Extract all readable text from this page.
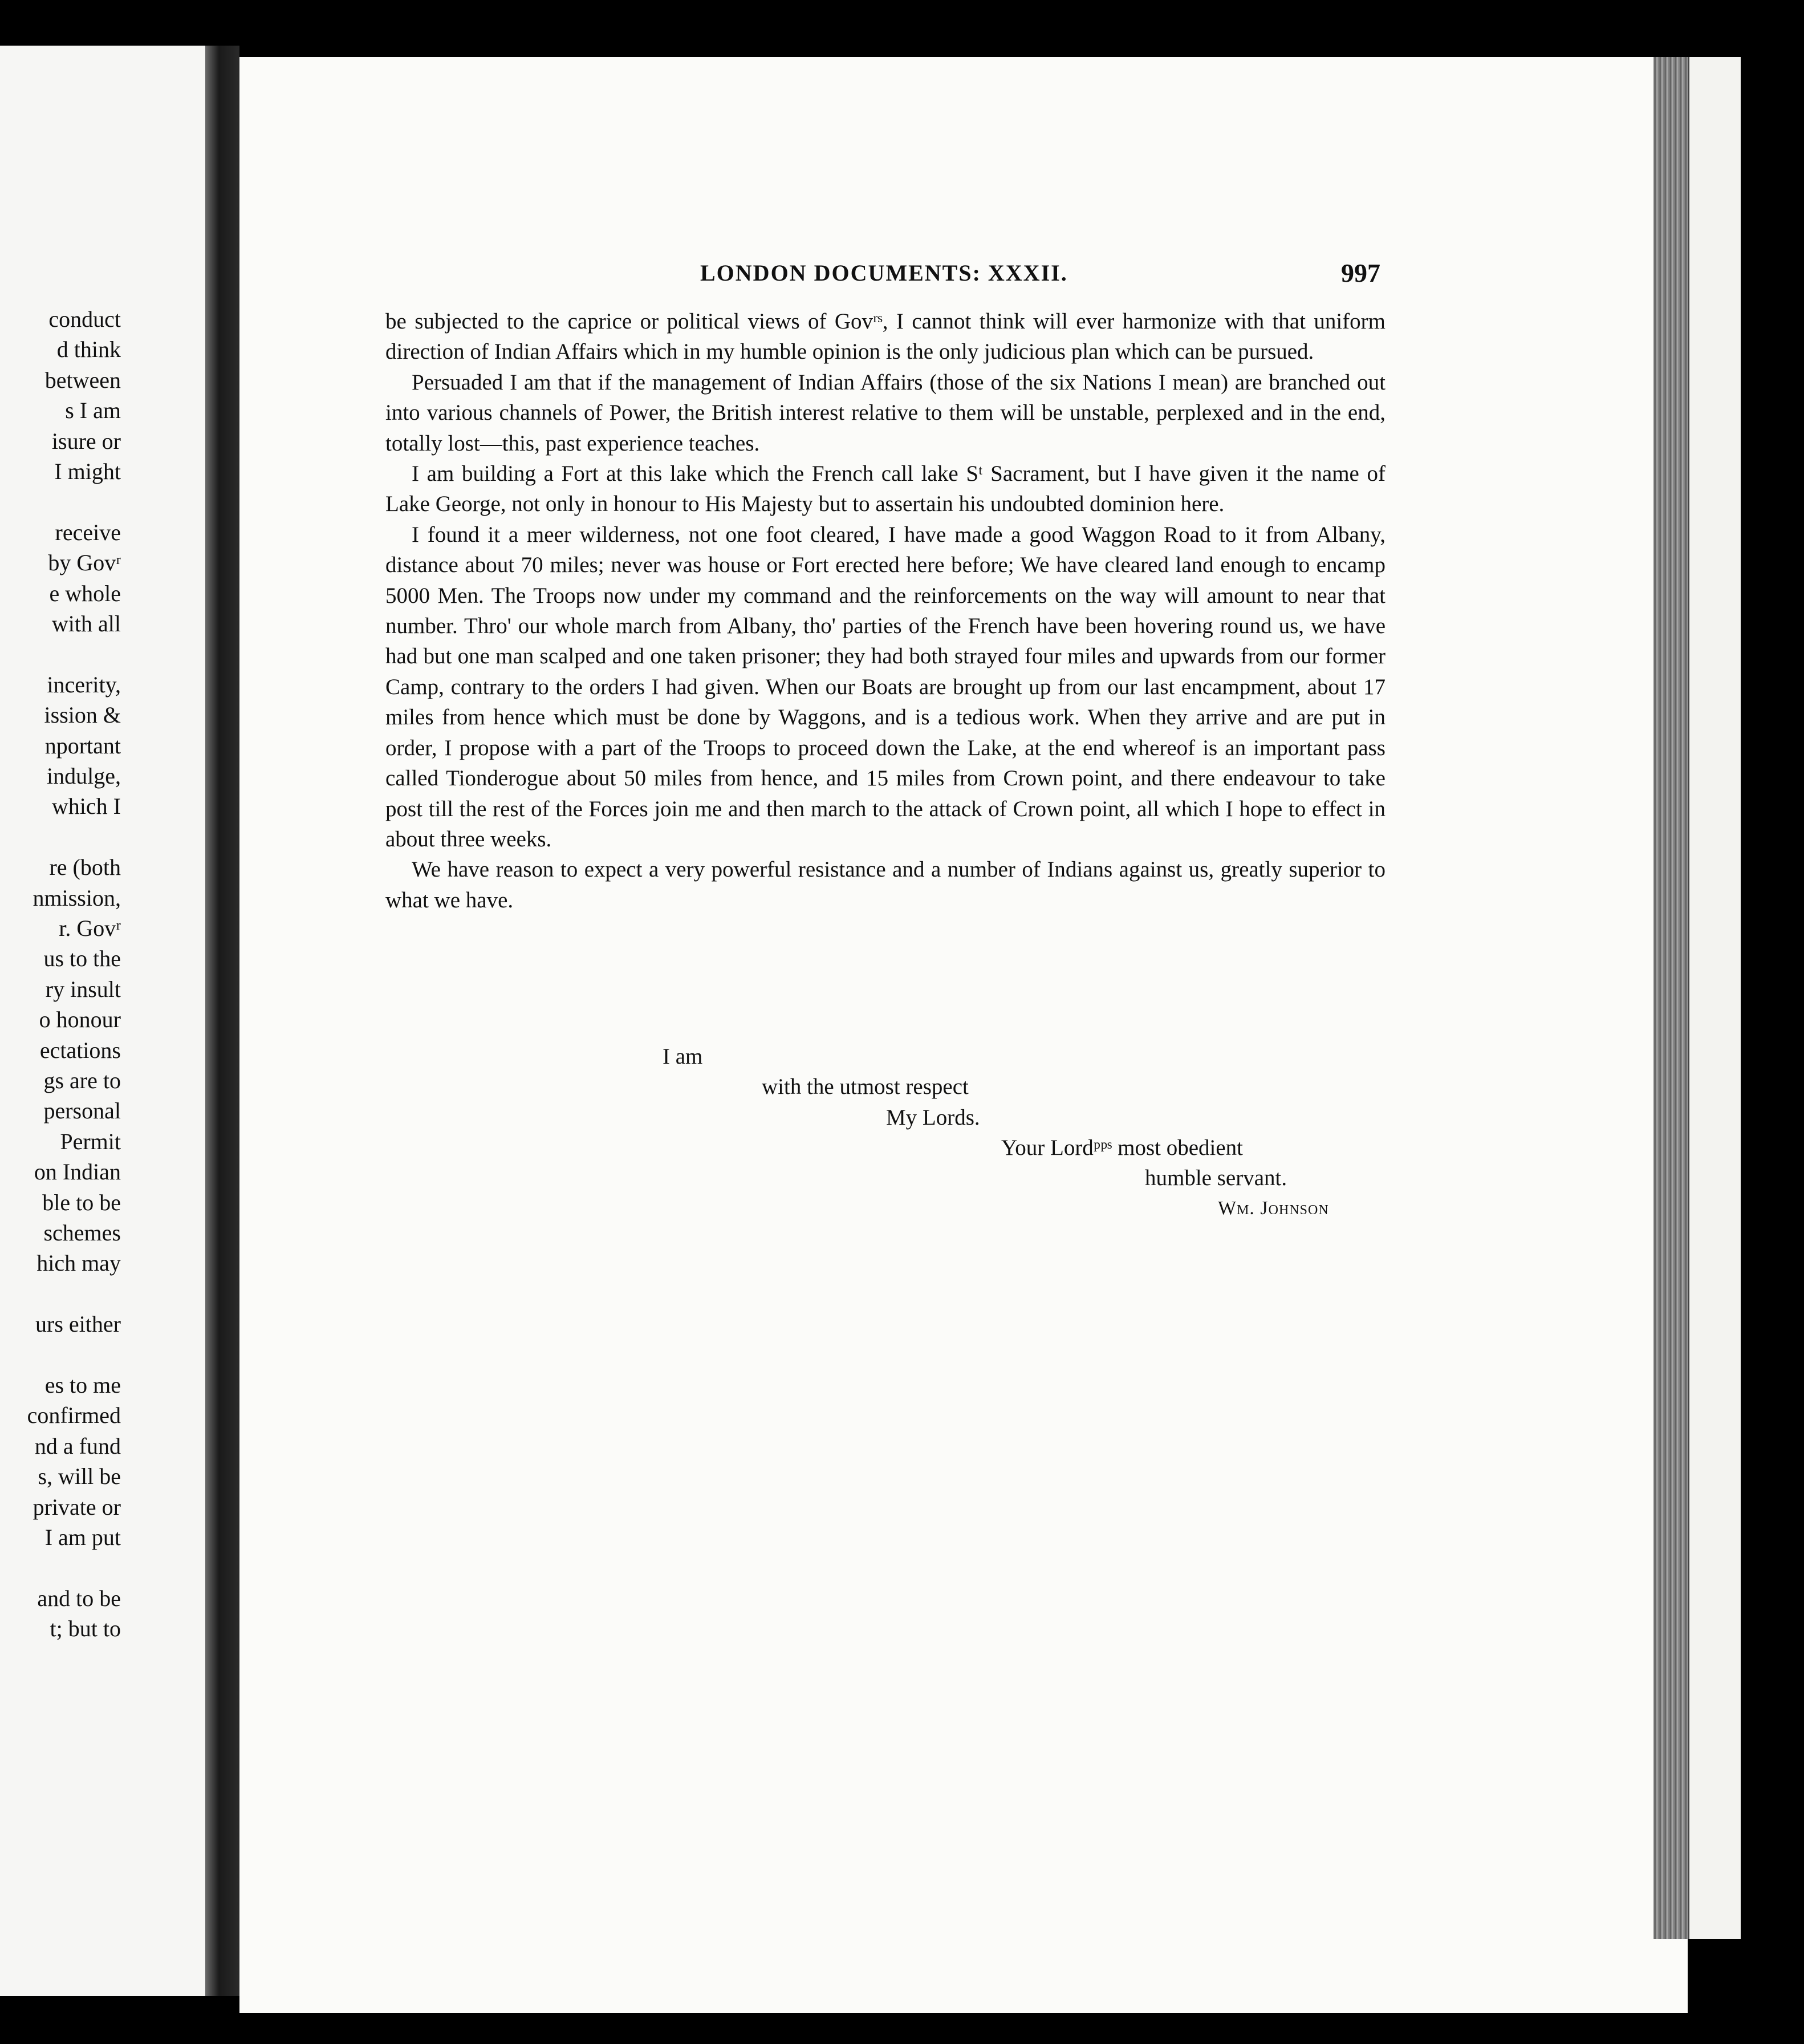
conduct
d think
between
s I am
isure or
I might
receive
by Govʳ
e whole
with all
incerity,
ission &
nportant
indulge,
which I
re (both
nmission,
r. Govʳ
us to the
ry insult
o honour
ectations
gs are to
personal
Permit
on Indian
ble to be
schemes
hich may
urs either
es to me
confirmed
nd a fund
s, will be
private or
I am put
and to be
t; but to
LONDON DOCUMENTS: XXXII.	997

be subjected to the caprice or political views of Govʳˢ, I cannot think will ever harmonize with that uniform direction of Indian Affairs which in my humble opinion is the only judicious plan which can be pursued.

Persuaded I am that if the management of Indian Affairs (those of the six Nations I mean) are branched out into various channels of Power, the British interest relative to them will be unstable, perplexed and in the end, totally lost—this, past experience teaches.

I am building a Fort at this lake which the French call lake Sᵗ Sacrament, but I have given it the name of Lake George, not only in honour to His Majesty but to assertain his undoubted dominion here.

I found it a meer wilderness, not one foot cleared, I have made a good Waggon Road to it from Albany, distance about 70 miles; never was house or Fort erected here before; We have cleared land enough to encamp 5000 Men. The Troops now under my command and the reinforcements on the way will amount to near that number. Thro' our whole march from Albany, tho' parties of the French have been hovering round us, we have had but one man scalped and one taken prisoner; they had both strayed four miles and upwards from our former Camp, contrary to the orders I had given. When our Boats are brought up from our last encampment, about 17 miles from hence which must be done by Waggons, and is a tedious work. When they arrive and are put in order, I propose with a part of the Troops to proceed down the Lake, at the end whereof is an important pass called Tionderogue about 50 miles from hence, and 15 miles from Crown point, and there endeavour to take post till the rest of the Forces join me and then march to the attack of Crown point, all which I hope to effect in about three weeks.

We have reason to expect a very powerful resistance and a number of Indians against us, greatly superior to what we have.

I am
with the utmost respect
My Lords.
Your Lordᵖᵖˢ most obedient
humble servant.
Wm. Johnson
